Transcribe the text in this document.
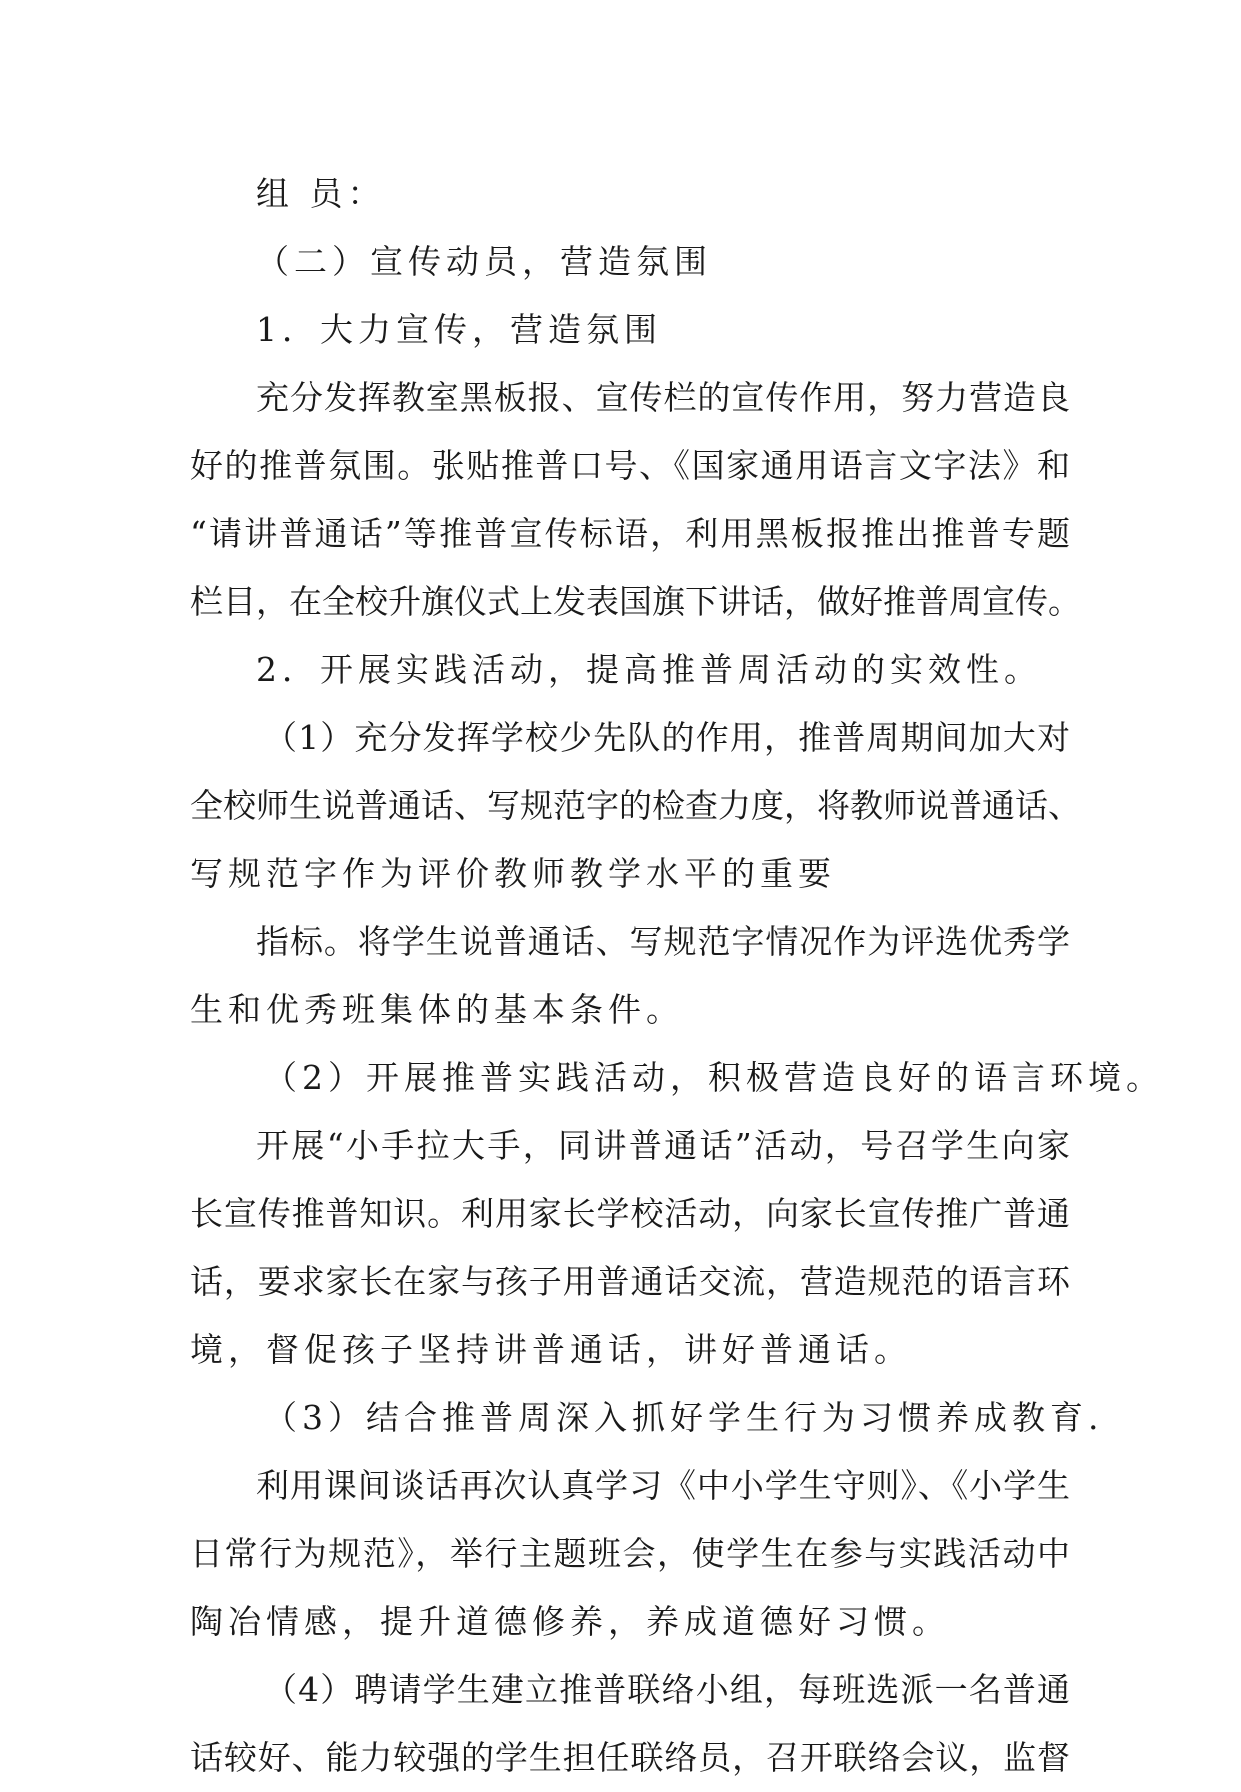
组 员：
（二）宣传动员，营造氛围
1．大力宣传，营造氛围
充分发挥教室黑板报、宣传栏的宣传作用，努力营造良
好的推普氛围。张贴推普口号、《国家通用语言文字法》和
“请讲普通话”等推普宣传标语，利用黑板报推出推普专题
栏目，在全校升旗仪式上发表国旗下讲话，做好推普周宣传。
2．开展实践活动，提高推普周活动的实效性。
（1）充分发挥学校少先队的作用，推普周期间加大对
全校师生说普通话、写规范字的检查力度，将教师说普通话、
写规范字作为评价教师教学水平的重要
指标。将学生说普通话、写规范字情况作为评选优秀学
生和优秀班集体的基本条件。
（2）开展推普实践活动，积极营造良好的语言环境。
开展“小手拉大手，同讲普通话”活动，号召学生向家
长宣传推普知识。利用家长学校活动，向家长宣传推广普通
话，要求家长在家与孩子用普通话交流，营造规范的语言环
境，督促孩子坚持讲普通话，讲好普通话。
（3）结合推普周深入抓好学生行为习惯养成教育.
利用课间谈话再次认真学习《中小学生守则》、《小学生
日常行为规范》，举行主题班会，使学生在参与实践活动中
陶冶情感，提升道德修养，养成道德好习惯。
（4）聘请学生建立推普联络小组，每班选派一名普通
话较好、能力较强的学生担任联络员，召开联络会议，监督
